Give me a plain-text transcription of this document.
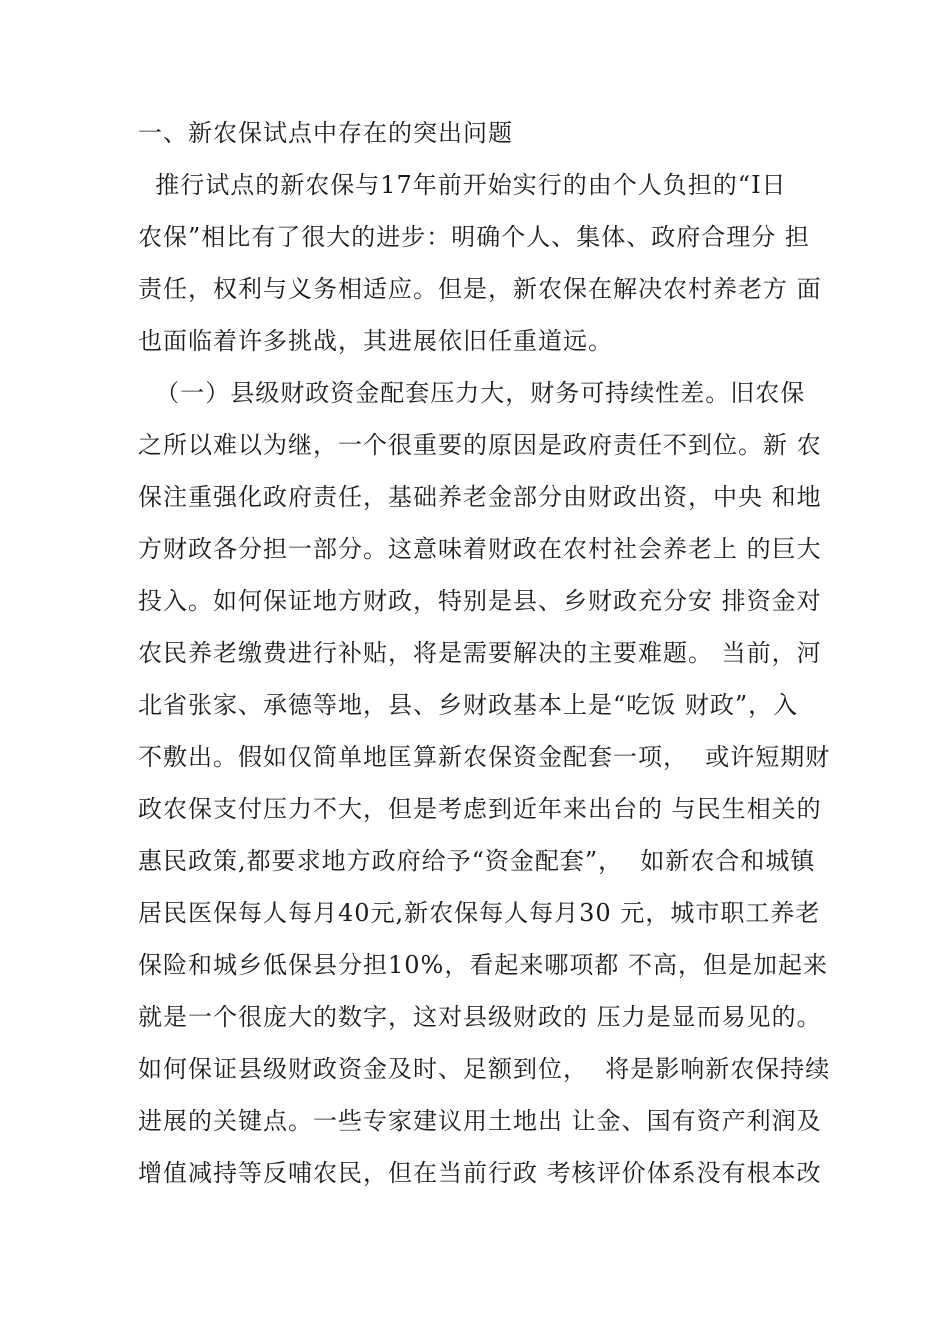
一、新农保试点中存在的突出问题
推行试点的新农保与17年前开始实行的由个人负担的“I日
农保”相比有了很大的进步：明确个人、集体、政府合理分 担
责任，权利与义务相适应。但是，新农保在解决农村养老方 面
也面临着许多挑战，其进展依旧任重道远。
（一）县级财政资金配套压力大，财务可持续性差。旧农保
之所以难以为继，一个很重要的原因是政府责任不到位。新 农
保注重强化政府责任，基础养老金部分由财政出资，中央 和地
方财政各分担一部分。这意味着财政在农村社会养老上 的巨大
投入。如何保证地方财政，特别是县、乡财政充分安 排资金对
农民养老缴费进行补贴，将是需要解决的主要难题。 当前，河
北省张家、承德等地，县、乡财政基本上是“吃饭 财政”，入
不敷出。假如仅简单地匡算新农保资金配套一项，  或许短期财
政农保支付压力不大，但是考虑到近年来出台的 与民生相关的
惠民政策,都要求地方政府给予“资金配套”，  如新农合和城镇
居民医保每人每月40元,新农保每人每月30 元，城市职工养老
保险和城乡低保县分担10%，看起来哪项都 不高，但是加起来
就是一个很庞大的数字，这对县级财政的 压力是显而易见的。
如何保证县级财政资金及时、足额到位，  将是影响新农保持续
进展的关键点。一些专家建议用土地出 让金、国有资产利润及
增值减持等反哺农民，但在当前行政 考核评价体系没有根本改
